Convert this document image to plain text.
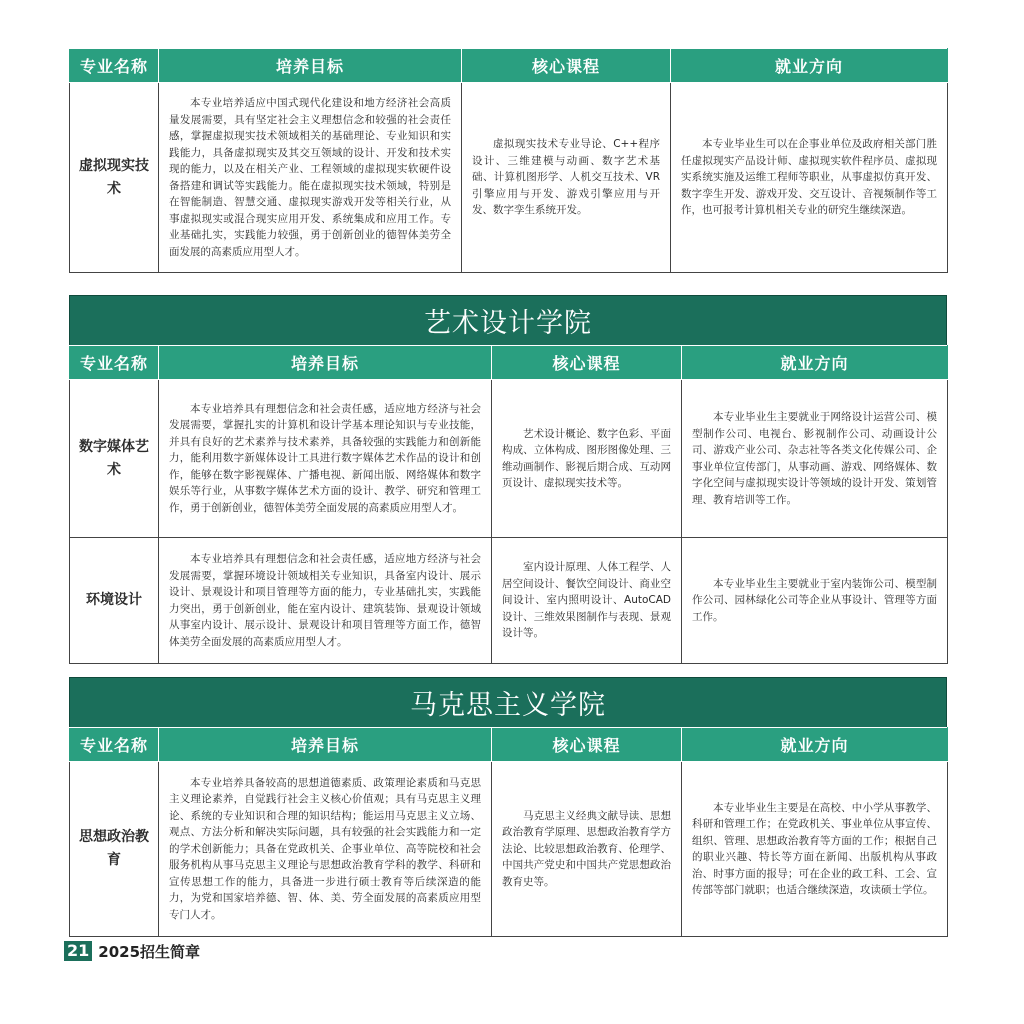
专业名称	培养目标	核心课程	就业方向
虚拟现实技术	本专业培养适应中国式现代化建设和地方经济社会高质量发展需要，具有坚定社会主义理想信念和较强的社会责任感，掌握虚拟现实技术领域相关的基础理论、专业知识和实践能力，具备虚拟现实及其交互领域的设计、开发和技术实现的能力，以及在相关产业、工程领域的虚拟现实软硬件设备搭建和调试等实践能力。能在虚拟现实技术领域，特别是在智能制造、智慧交通、虚拟现实游戏开发等相关行业，从事虚拟现实或混合现实应用开发、系统集成和应用工作。专业基础扎实，实践能力较强，勇于创新创业的德智体美劳全面发展的高素质应用型人才。	虚拟现实技术专业导论、C++程序设计、三维建模与动画、数字艺术基础、计算机图形学、人机交互技术、VR引擎应用与开发、游戏引擎应用与开发、数字孪生系统开发。	本专业毕业生可以在企事业单位及政府相关部门胜任虚拟现实产品设计师、虚拟现实软件程序员、虚拟现实系统实施及运维工程师等职业，从事虚拟仿真开发、数字孪生开发、游戏开发、交互设计、音视频制作等工作，也可报考计算机相关专业的研究生继续深造。

艺术设计学院
专业名称	培养目标	核心课程	就业方向
数字媒体艺术	本专业培养具有理想信念和社会责任感，适应地方经济与社会发展需要，掌握扎实的计算机和设计学基本理论知识与专业技能，并具有良好的艺术素养与技术素养，具备较强的实践能力和创新能力，能利用数字新媒体设计工具进行数字媒体艺术作品的设计和创作，能够在数字影视媒体、广播电视、新闻出版、网络媒体和数字娱乐等行业，从事数字媒体艺术方面的设计、教学、研究和管理工作，勇于创新创业，德智体美劳全面发展的高素质应用型人才。	艺术设计概论、数字色彩、平面构成、立体构成、图形图像处理、三维动画制作、影视后期合成、互动网页设计、虚拟现实技术等。	本专业毕业生主要就业于网络设计运营公司、模型制作公司、电视台、影视制作公司、动画设计公司、游戏产业公司、杂志社等各类文化传媒公司、企事业单位宣传部门，从事动画、游戏、网络媒体、数字化空间与虚拟现实设计等领域的设计开发、策划管理、教育培训等工作。

环境设计	本专业培养具有理想信念和社会责任感，适应地方经济与社会发展需要，掌握环境设计领域相关专业知识，具备室内设计、展示设计、景观设计和项目管理等方面的能力，专业基础扎实，实践能力突出，勇于创新创业，能在室内设计、建筑装饰、景观设计领域从事室内设计、展示设计、景观设计和项目管理等方面工作，德智体美劳全面发展的高素质应用型人才。	室内设计原理、人体工程学、人居空间设计、餐饮空间设计、商业空间设计、室内照明设计、AutoCAD设计、三维效果图制作与表现、景观设计等。	本专业毕业生主要就业于室内装饰公司、模型制作公司、园林绿化公司等企业从事设计、管理等方面工作。

马克思主义学院
专业名称	培养目标	核心课程	就业方向
思想政治教育	本专业培养具备较高的思想道德素质、政策理论素质和马克思主义理论素养，自觉践行社会主义核心价值观；具有马克思主义理论、系统的专业知识和合理的知识结构；能运用马克思主义立场、观点、方法分析和解决实际问题，具有较强的社会实践能力和一定的学术创新能力；具备在党政机关、企事业单位、高等院校和社会服务机构从事马克思主义理论与思想政治教育学科的教学、科研和宣传思想工作的能力，具备进一步进行硕士教育等后续深造的能力，为党和国家培养德、智、体、美、劳全面发展的高素质应用型专门人才。	马克思主义经典文献导读、思想政治教育学原理、思想政治教育学方法论、比较思想政治教育、伦理学、中国共产党史和中国共产党思想政治教育史等。	本专业毕业生主要是在高校、中小学从事教学、科研和管理工作；在党政机关、事业单位从事宣传、组织、管理、思想政治教育等方面的工作；根据自己的职业兴趣、特长等方面在新闻、出版机构从事政治、时事方面的报导；可在企业的政工科、工会、宣传部等部门就职；也适合继续深造，攻读硕士学位。

21 2025招生简章
